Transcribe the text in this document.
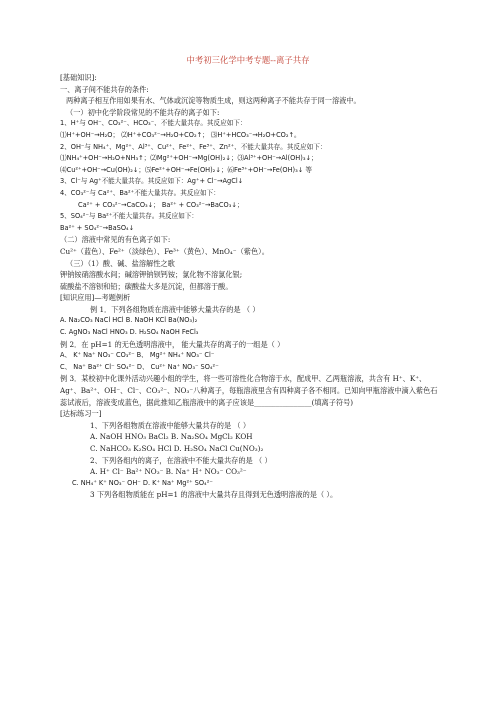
中考初三化学中考专题--离子共存
[基础知识]:
一、离子间不能共存的条件:
两种离子相互作用如果有水、气体或沉淀等物质生成，则这两种离子不能共存于同一溶液中。
（一）初中化学阶段常见的不能共存的离子如下:
1、H⁺与 OH⁻、CO₃²⁻、HCO₃⁻、不能大量共存。其反应如下：
⑴H⁺+OH⁻→H₂O； ⑵H⁺+CO₃²⁻→H₂O+CO₂↑； ⑶H⁺+HCO₃⁻→H₂O+CO₂↑。
2、OH⁻与 NH₄⁺、Mg²⁺、Al³⁺、Cu²⁺、Fe²⁺、Fe³⁺、Zn²⁺、不能大量共存。其反应如下：
⑴NH₄⁺+OH⁻→H₂O+NH₃↑；⑵Mg²⁺+OH⁻→Mg(OH)₂↓；⑶Al³⁺+OH⁻→Al(OH)₃↓；
⑷Cu²⁺+OH⁻→Cu(OH)₂↓；⑸Fe²⁺+OH⁻→Fe(OH)₂↓；⑹Fe³⁺+OH⁻→Fe(OH)₃↓ 等
3、Cl⁻与 Ag⁺不能大量共存。其反应如下：Ag⁺+ Cl⁻→AgCl↓
4、CO₃²⁻与 Ca²⁺、Ba²⁺不能大量共存。其反应如下：
Ca²⁺ + CO₃²⁻→CaCO₃↓； Ba²⁺ + CO₃²⁻→BaCO₃↓；
5、SO₄²⁻与 Ba²⁺不能大量共存。其反应如下：
Ba²⁺ + SO₄²⁻→BaSO₄↓
（二）溶液中常见的有色离子如下:
Cu²⁺（蓝色）、Fe²⁺（淡绿色）、Fe³⁺（黄色）、MnO₄⁻（紫色）。
（三）（1）酸、碱、盐溶解性之歌
钾钠铵硝溶酸水间；碱溶钾钠钡钙铵；氯化物不溶氯化银;
硫酸盐不溶钡和铅；碳酸盐大多是沉淀，但都溶于酸。
[知识应用]—考题例析
例 1．下列各组物质在溶液中能够大量共存的是 （ ）
A. Na₂CO₃ NaCl HCl B. NaOH KCl Ba(NO₃)₂
C. AgNO₃ NaCl HNO₃ D. H₂SO₄ NaOH FeCl₃
例 2．在 pH=1 的无色透明溶液中， 能大量共存的离子的一组是（ ）
A、 K⁺ Na⁺ NO₃⁻ CO₃²⁻ B、 Mg²⁺ NH₄⁺ NO₃⁻ Cl⁻
C、 Na⁺ Ba²⁺ Cl⁻ SO₄²⁻ D、 Cu²⁺ Na⁺ NO₃⁻ SO₄²⁻
例 3．某校初中化课外活动兴趣小组的学生，将一些可溶性化合物溶于水，配成甲、乙两瓶溶液，共含有 H⁺、K⁺、Ag⁺、Ba²⁺、OH⁻、Cl⁻、CO₃²⁻、NO₃⁻八种离子，每瓶溶液里含有四种离子各不相同。已知向甲瓶溶液中滴入紫色石蕊试液后，溶液变成蓝色，据此推知乙瓶溶液中的离子应该是________________(填离子符号)
[达标练习一]
1、下列各组物质在溶液中能够大量共存的是 （ ）
A. NaOH HNO₃ BaCl₂ B. Na₂SO₄ MgCl₂ KOH
C. NaHCO₃ K₂SO₄ HCl D. H₂SO₄ NaCl Cu(NO₃)₂
2、下列各组内的离子，在溶液中不能大量共存的是 （ ）
A. H⁺ Cl⁻ Ba²⁺ NO₃⁻ B. Na⁺ H⁺ NO₃⁻ CO₃²⁻
C. NH₄⁺ K⁺ NO₃⁻ OH⁻ D. K⁺ Na⁺ Mg²⁺ SO₄²⁻
3 下列各组物质能在 pH=1 的溶液中大量共存且得到无色透明溶液的是（ ）。
